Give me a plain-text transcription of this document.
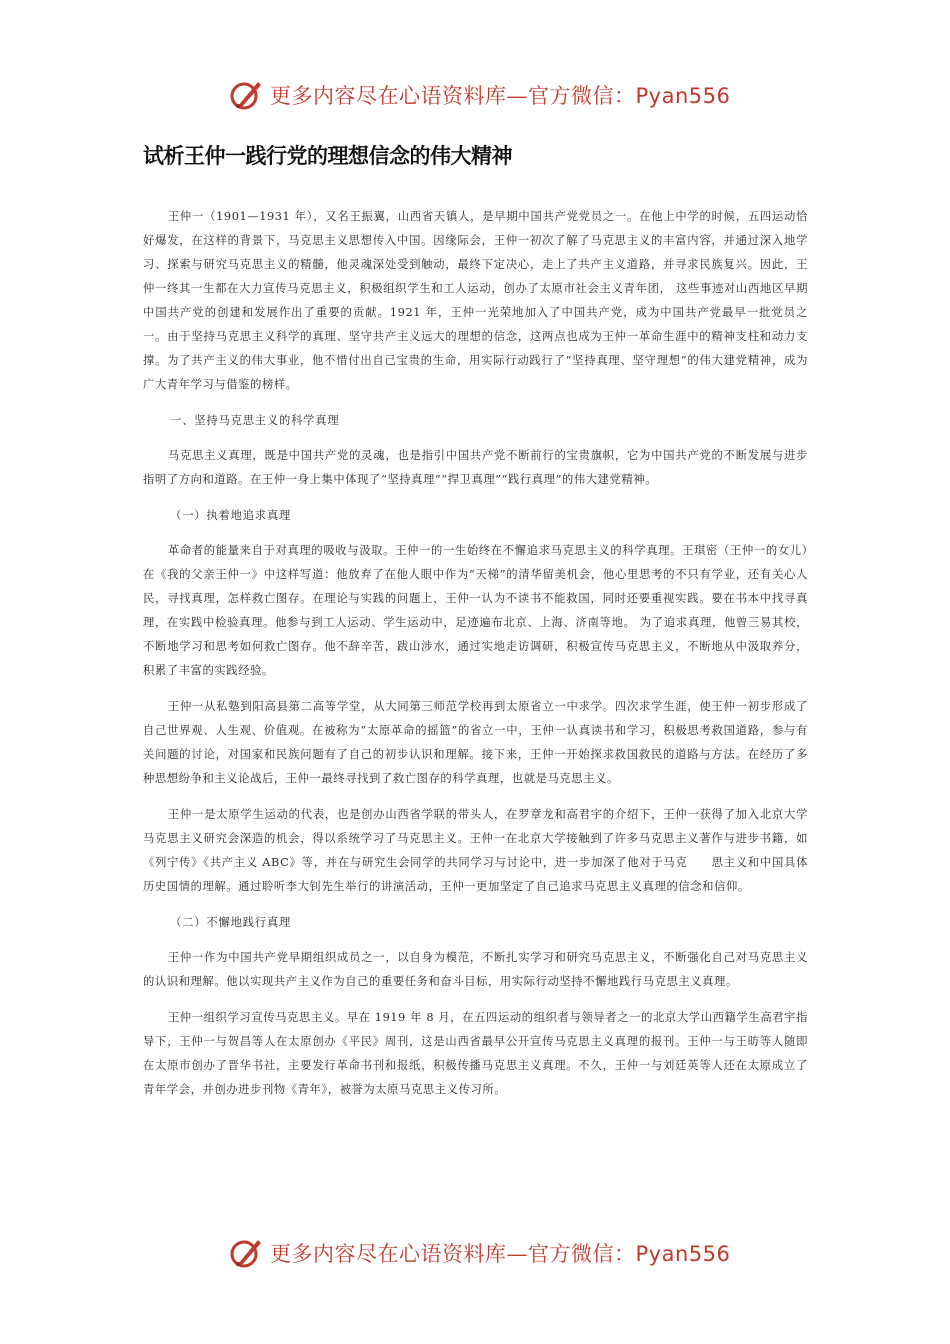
更多内容尽在心语资料库—官方微信：Pyan556
试析王仲一践行党的理想信念的伟大精神

王仲一（1901—1931 年），又名王振翼，山西省天镇人，是早期中国共产党党员之一。在他上中学的时候，五四运动恰好爆发，在这样的背景下，马克思主义思想传入中国。因缘际会，王仲一初次了解了马克思主义的丰富内容，并通过深入地学习、探索与研究马克思主义的精髓，他灵魂深处受到触动，最终下定决心，走上了共产主义道路，并寻求民族复兴。因此，王仲一终其一生都在大力宣传马克思主义，积极组织学生和工人运动，创办了太原市社会主义青年团， 这些事迹对山西地区早期中国共产党的创建和发展作出了重要的贡献。1921 年，王仲一光荣地加入了中国共产党，成为中国共产党最早一批党员之一。由于坚持马克思主义科学的真理、坚守共产主义远大的理想的信念，这两点也成为王仲一革命生涯中的精神支柱和动力支撑。为了共产主义的伟大事业，他不惜付出自己宝贵的生命，用实际行动践行了“坚持真理、坚守理想”的伟大建党精神，成为广大青年学习与借鉴的榜样。

一、坚持马克思主义的科学真理

马克思主义真理，既是中国共产党的灵魂，也是指引中国共产党不断前行的宝贵旗帜，它为中国共产党的不断发展与进步指明了方向和道路。在王仲一身上集中体现了“坚持真理”“捍卫真理”“践行真理”的伟大建党精神。

（一）执着地追求真理

革命者的能量来自于对真理的吸收与汲取。王仲一的一生始终在不懈追求马克思主义的科学真理。王琪密（王仲一的女儿）在《我的父亲王仲一》中这样写道：他放弃了在他人眼中作为“天梯”的清华留美机会，他心里思考的不只有学业，还有关心人民，寻找真理，怎样救亡图存。在理论与实践的问题上，王仲一认为不读书不能救国，同时还要重视实践。要在书本中找寻真理，在实践中检验真理。他参与到工人运动、学生运动中，足迹遍布北京、上海、济南等地。 为了追求真理，他曾三易其校，不断地学习和思考如何救亡图存。他不辞辛苦，跋山涉水，通过实地走访调研，积极宣传马克思主义，不断地从中汲取养分，积累了丰富的实践经验。

王仲一从私塾到阳高县第二高等学堂，从大同第三师范学校再到太原省立一中求学。四次求学生涯，使王仲一初步形成了自己世界观、人生观、价值观。在被称为“太原革命的摇篮”的省立一中，王仲一认真读书和学习，积极思考救国道路，参与有关问题的讨论，对国家和民族问题有了自己的初步认识和理解。接下来，王仲一开始探求救国救民的道路与方法。在经历了多种思想纷争和主义论战后，王仲一最终寻找到了救亡图存的科学真理，也就是马克思主义。

王仲一是太原学生运动的代表，也是创办山西省学联的带头人，在罗章龙和高君宇的介绍下，王仲一获得了加入北京大学马克思主义研究会深造的机会，得以系统学习了马克思主义。王仲一在北京大学接触到了许多马克思主义著作与进步书籍，如《列宁传》《共产主义 ABC》等，并在与研究生会同学的共同学习与讨论中，进一步加深了他对于马克　　思主义和中国具体历史国情的理解。通过聆听李大钊先生举行的讲演活动，王仲一更加坚定了自己追求马克思主义真理的信念和信仰。

（二）不懈地践行真理

王仲一作为中国共产党早期组织成员之一，以自身为模范，不断扎实学习和研究马克思主义，不断强化自己对马克思主义的认识和理解。他以实现共产主义作为自己的重要任务和奋斗目标，用实际行动坚持不懈地践行马克思主义真理。

王仲一组织学习宣传马克思主义。早在 1919 年 8 月，在五四运动的组织者与领导者之一的北京大学山西籍学生高君宇指导下，王仲一与贺昌等人在太原创办《平民》周刊，这是山西省最早公开宣传马克思主义真理的报刊。王仲一与王昉等人随即在太原市创办了晋华书社，主要发行革命书刊和报纸，积极传播马克思主义真理。不久，王仲一与刘廷英等人还在太原成立了青年学会，并创办进步刊物《青年》，被誉为太原马克思主义传习所。

更多内容尽在心语资料库—官方微信：Pyan556
